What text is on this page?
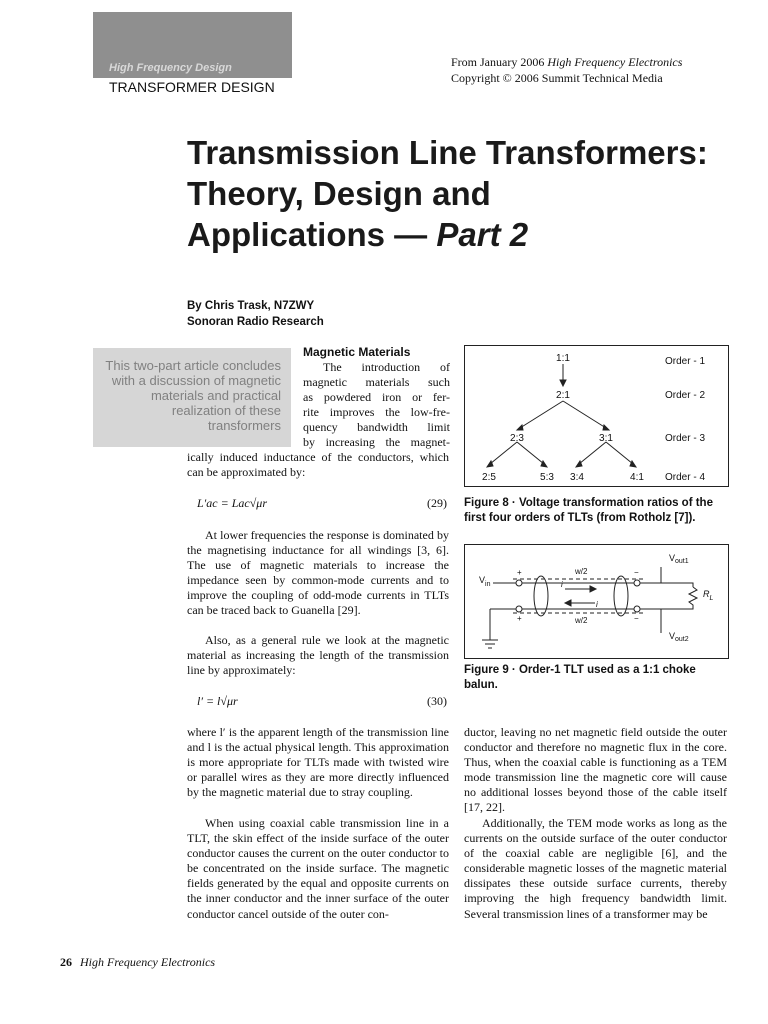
High Frequency Design
TRANSFORMER DESIGN
From January 2006 High Frequency Electronics
Copyright © 2006 Summit Technical Media
Transmission Line Transformers:
Theory, Design and
Applications — Part 2
By Chris Trask, N7ZWY
Sonoran Radio Research
This two-part article concludes with a discussion of magnetic materials and practical realization of these transformers
Magnetic Materials
The introduction of
magnetic materials such
as powdered iron or fer-
rite improves the low-fre-
quency bandwidth limit
by increasing the magnet-
ically induced inductance of the conductors, which can be approximated by:
L′ac = Lac√μr	(29)
At lower frequencies the response is dominated by the magnetising inductance for all windings [3, 6]. The use of magnetic materials to increase the impedance seen by common-mode currents and to improve the coupling of odd-mode currents in TLTs can be traced back to Guanella [29].
Also, as a general rule we look at the magnetic material as increasing the length of the transmission line by approximately:
l′ = l√μr	(30)
where l′ is the apparent length of the transmission line and l is the actual physical length. This approximation is more appropriate for TLTs made with twisted wire or parallel wires as they are more directly influenced by the magnetic material due to stray coupling.
When using coaxial cable transmission line in a TLT, the skin effect of the inside surface of the outer conductor causes the current on the outer conductor to be concentrated on the inside surface. The magnetic fields generated by the equal and opposite currents on the inner conductor and the inner surface of the outer conductor cancel outside of the outer con-
1:1
2:1
2:3	3:1
2:5	5:3 3:4	4:1
Order - 1
Order - 2
Order - 3
Order - 4
Figure 8 · Voltage transformation ratios of the first four orders of TLTs (from Rotholz [7]).
$V_{in}$
+
+
−
−
w/2
w/2
i
i
$V_{out1}$
$V_{out2}$
$R_L$
Figure 9 · Order-1 TLT used as a 1:1 choke balun.
ductor, leaving no net magnetic field outside the outer conductor and therefore no magnetic flux in the core. Thus, when the coaxial cable is functioning as a TEM mode transmission line the magnetic core will cause no additional losses beyond those of the cable itself [17, 22].
Additionally, the TEM mode works as long as the currents on the outside surface of the outer conductor of the coaxial cable are negligible [6], and the considerable magnetic losses of the magnetic material dissipates these outside surface currents, thereby improving the high frequency bandwidth limit. Several transmission lines of a transformer may be
26 High Frequency Electronics
